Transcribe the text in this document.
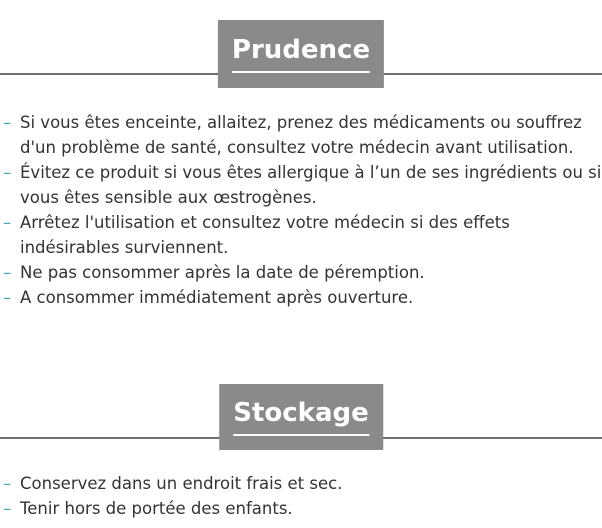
Prudence
– Si vous êtes enceinte, allaitez, prenez des médicaments ou souffrez d'un problème de santé, consultez votre médecin avant utilisation.
– Évitez ce produit si vous êtes allergique à l’un de ses ingrédients ou si vous êtes sensible aux œstrogènes.
– Arrêtez l'utilisation et consultez votre médecin si des effets indésirables surviennent.
– Ne pas consommer après la date de péremption.
– A consommer immédiatement après ouverture.
Stockage
– Conservez dans un endroit frais et sec.
– Tenir hors de portée des enfants.
